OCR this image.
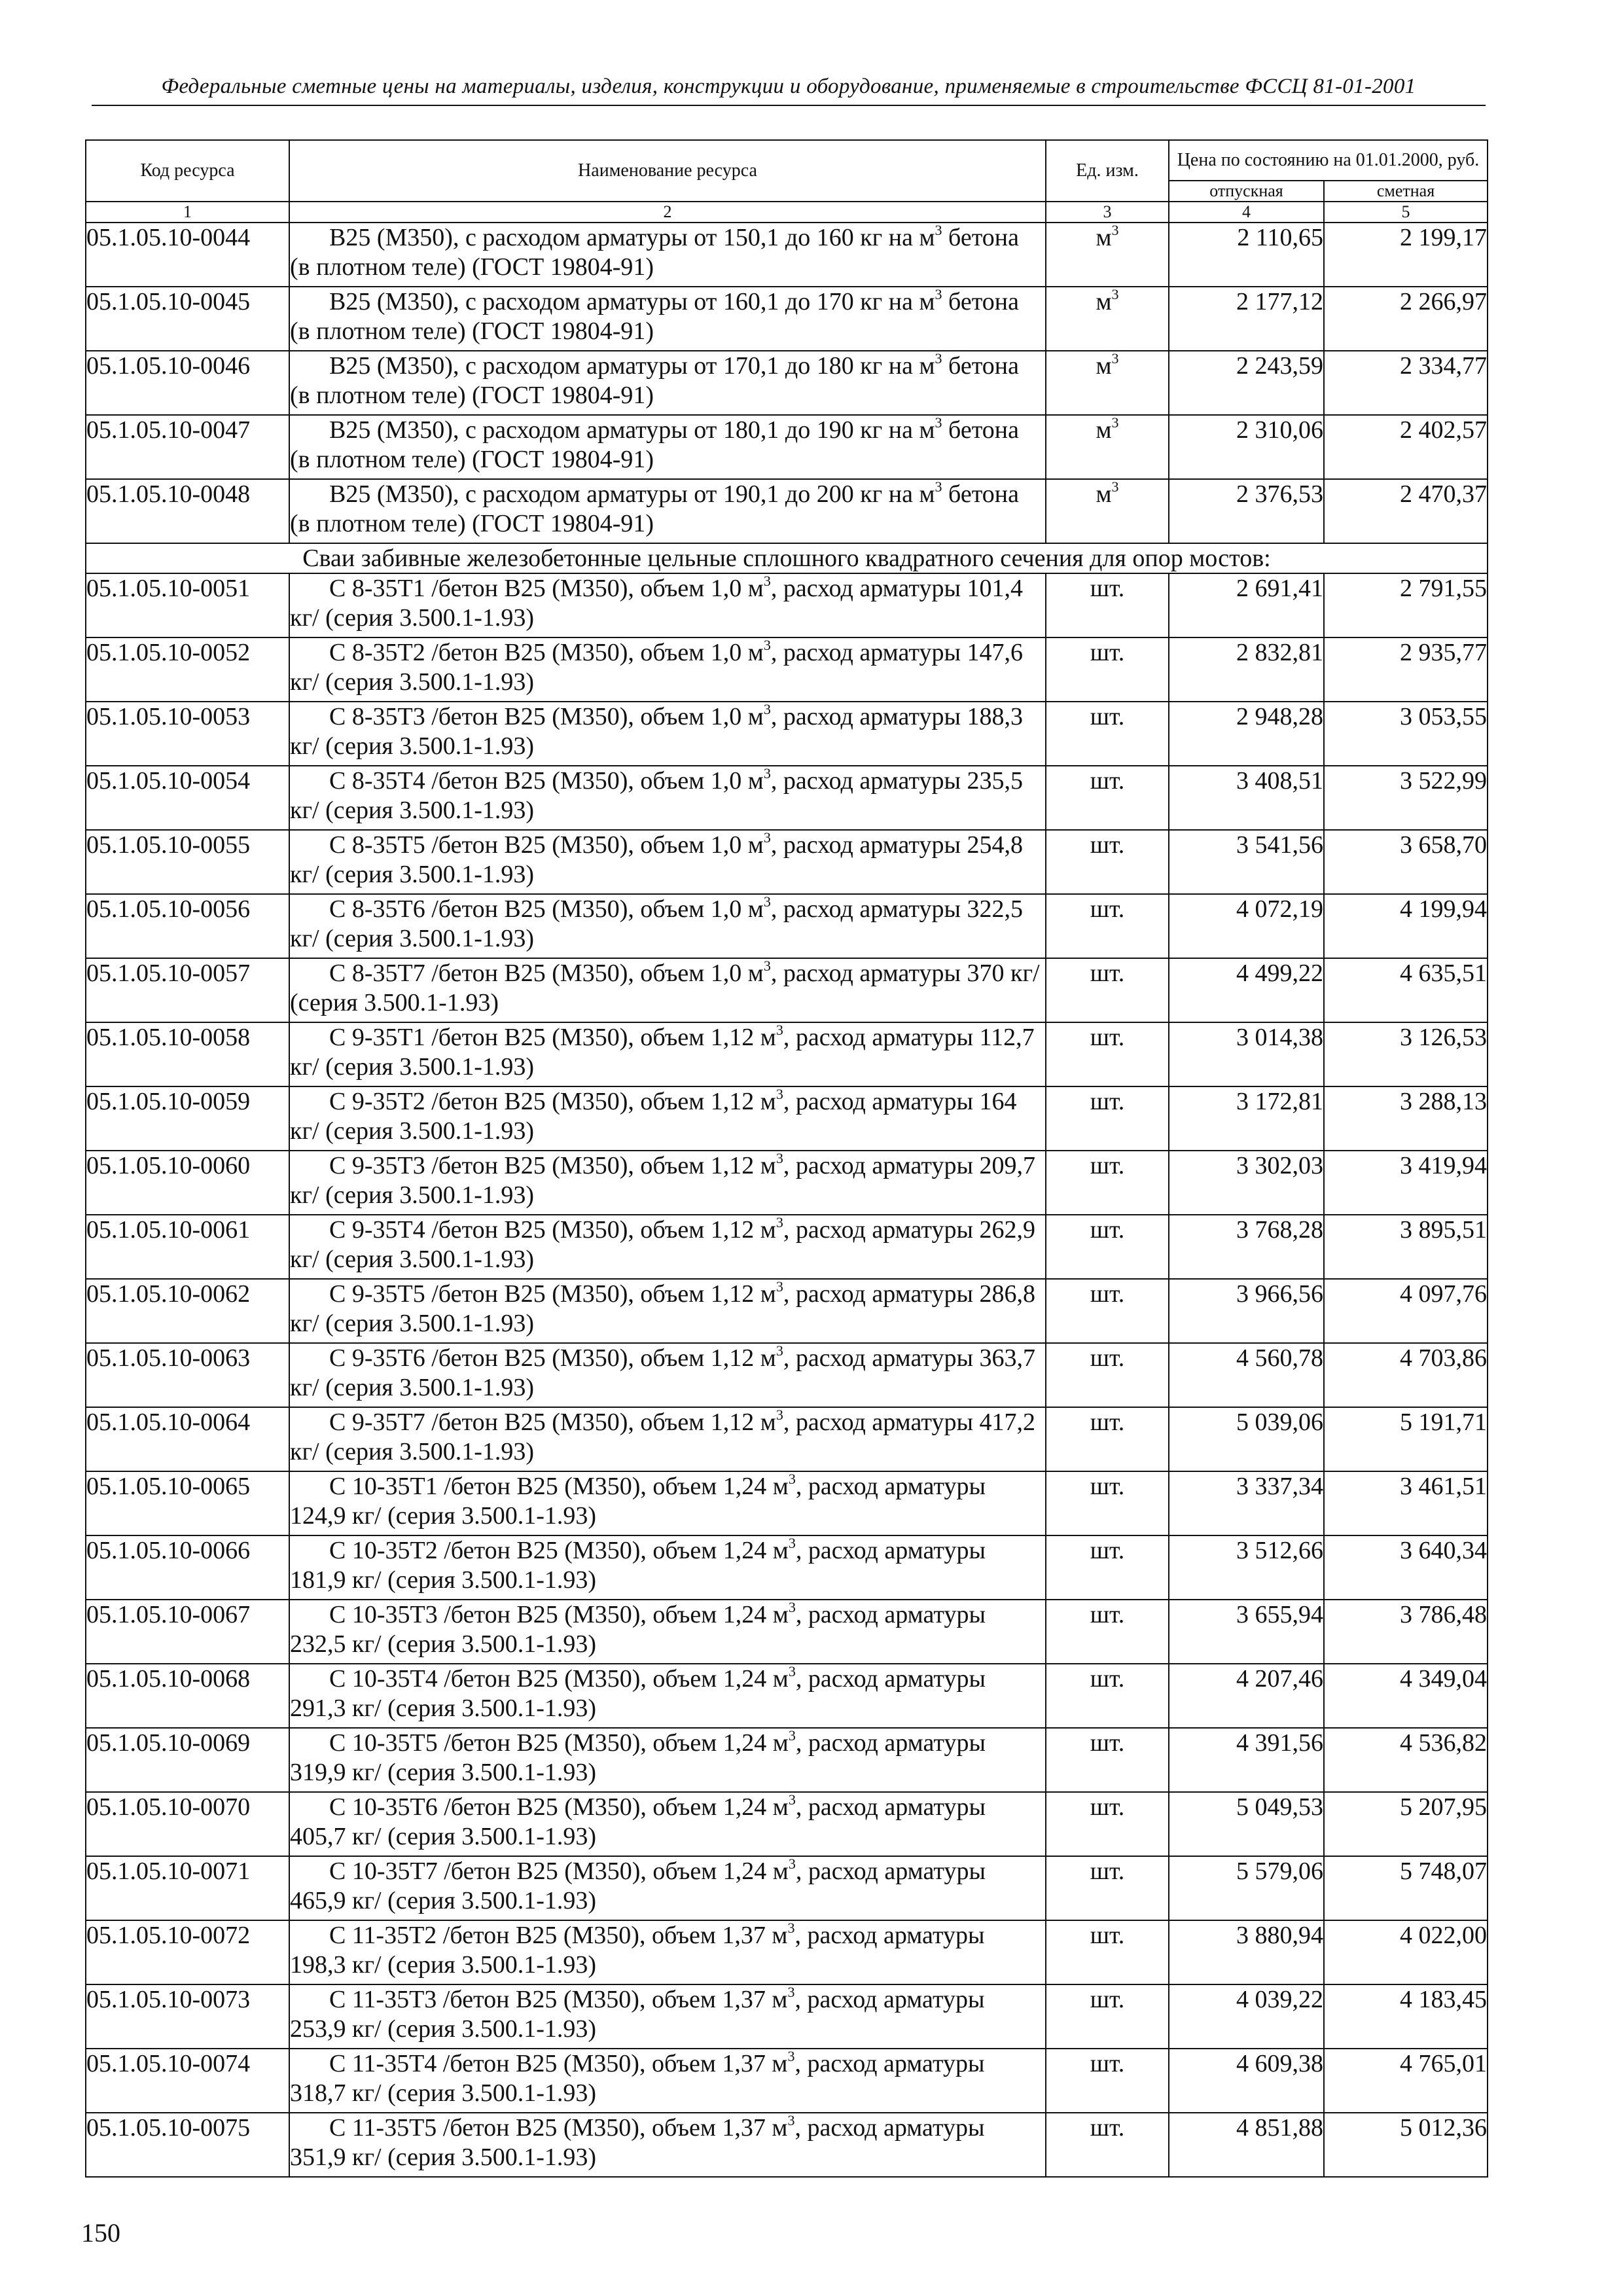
Федеральные сметные цены на материалы, изделия, конструкции и оборудование, применяемые в строительстве ФССЦ 81-01-2001
Код ресурса	Наименование ресурса	Ед. изм.	Цена по состоянию на 01.01.2000, руб.	
			отпускная	сметная
1	2	3	4	5
05.1.05.10-0044	B25 (M350), с расходом арматуры от 150,1 до 160 кг на $м^3$ бетона (в плотном теле) (ГОСТ 19804-91)	$м^3$	2 110,65	2 199,17
05.1.05.10-0045	B25 (M350), с расходом арматуры от 160,1 до 170 кг на $м^3$ бетона (в плотном теле) (ГОСТ 19804-91)	$м^3$	2 177,12	2 266,97
05.1.05.10-0046	B25 (M350), с расходом арматуры от 170,1 до 180 кг на $м^3$ бетона (в плотном теле) (ГОСТ 19804-91)	$м^3$	2 243,59	2 334,77
05.1.05.10-0047	B25 (M350), с расходом арматуры от 180,1 до 190 кг на $м^3$ бетона (в плотном теле) (ГОСТ 19804-91)	$м^3$	2 310,06	2 402,57
05.1.05.10-0048	B25 (M350), с расходом арматуры от 190,1 до 200 кг на $м^3$ бетона (в плотном теле) (ГОСТ 19804-91)	$м^3$	2 376,53	2 470,37
Сваи забивные железобетонные цельные сплошного квадратного сечения для опор мостов:				
05.1.05.10-0051	С 8-35Т1 /бетон B25 (M350), объем 1,0 $м^3$, расход арматуры 101,4 кг/ (серия 3.500.1-1.93)	шт.	2 691,41	2 791,55
05.1.05.10-0052	С 8-35Т2 /бетон B25 (M350), объем 1,0 $м^3$, расход арматуры 147,6 кг/ (серия 3.500.1-1.93)	шт.	2 832,81	2 935,77
05.1.05.10-0053	С 8-35Т3 /бетон B25 (M350), объем 1,0 $м^3$, расход арматуры 188,3 кг/ (серия 3.500.1-1.93)	шт.	2 948,28	3 053,55
05.1.05.10-0054	С 8-35Т4 /бетон B25 (M350), объем 1,0 $м^3$, расход арматуры 235,5 кг/ (серия 3.500.1-1.93)	шт.	3 408,51	3 522,99
05.1.05.10-0055	С 8-35Т5 /бетон B25 (M350), объем 1,0 $м^3$, расход арматуры 254,8 кг/ (серия 3.500.1-1.93)	шт.	3 541,56	3 658,70
05.1.05.10-0056	С 8-35Т6 /бетон B25 (M350), объем 1,0 $м^3$, расход арматуры 322,5 кг/ (серия 3.500.1-1.93)	шт.	4 072,19	4 199,94
05.1.05.10-0057	С 8-35Т7 /бетон B25 (M350), объем 1,0 $м^3$, расход арматуры 370 кг/ (серия 3.500.1-1.93)	шт.	4 499,22	4 635,51
05.1.05.10-0058	С 9-35Т1 /бетон B25 (M350), объем 1,12 $м^3$, расход арматуры 112,7 кг/ (серия 3.500.1-1.93)	шт.	3 014,38	3 126,53
05.1.05.10-0059	С 9-35Т2 /бетон B25 (M350), объем 1,12 $м^3$, расход арматуры 164 кг/ (серия 3.500.1-1.93)	шт.	3 172,81	3 288,13
05.1.05.10-0060	С 9-35Т3 /бетон B25 (M350), объем 1,12 $м^3$, расход арматуры 209,7 кг/ (серия 3.500.1-1.93)	шт.	3 302,03	3 419,94
05.1.05.10-0061	С 9-35Т4 /бетон B25 (M350), объем 1,12 $м^3$, расход арматуры 262,9 кг/ (серия 3.500.1-1.93)	шт.	3 768,28	3 895,51
05.1.05.10-0062	С 9-35Т5 /бетон B25 (M350), объем 1,12 $м^3$, расход арматуры 286,8 кг/ (серия 3.500.1-1.93)	шт.	3 966,56	4 097,76
05.1.05.10-0063	С 9-35Т6 /бетон B25 (M350), объем 1,12 $м^3$, расход арматуры 363,7 кг/ (серия 3.500.1-1.93)	шт.	4 560,78	4 703,86
05.1.05.10-0064	С 9-35Т7 /бетон B25 (M350), объем 1,12 $м^3$, расход арматуры 417,2 кг/ (серия 3.500.1-1.93)	шт.	5 039,06	5 191,71
05.1.05.10-0065	С 10-35Т1 /бетон B25 (M350), объем 1,24 $м^3$, расход арматуры 124,9 кг/ (серия 3.500.1-1.93)	шт.	3 337,34	3 461,51
05.1.05.10-0066	С 10-35Т2 /бетон B25 (M350), объем 1,24 $м^3$, расход арматуры 181,9 кг/ (серия 3.500.1-1.93)	шт.	3 512,66	3 640,34
05.1.05.10-0067	С 10-35Т3 /бетон B25 (M350), объем 1,24 $м^3$, расход арматуры 232,5 кг/ (серия 3.500.1-1.93)	шт.	3 655,94	3 786,48
05.1.05.10-0068	С 10-35Т4 /бетон B25 (M350), объем 1,24 $м^3$, расход арматуры 291,3 кг/ (серия 3.500.1-1.93)	шт.	4 207,46	4 349,04
05.1.05.10-0069	С 10-35Т5 /бетон B25 (M350), объем 1,24 $м^3$, расход арматуры 319,9 кг/ (серия 3.500.1-1.93)	шт.	4 391,56	4 536,82
05.1.05.10-0070	С 10-35Т6 /бетон B25 (M350), объем 1,24 $м^3$, расход арматуры 405,7 кг/ (серия 3.500.1-1.93)	шт.	5 049,53	5 207,95
05.1.05.10-0071	С 10-35Т7 /бетон B25 (M350), объем 1,24 $м^3$, расход арматуры 465,9 кг/ (серия 3.500.1-1.93)	шт.	5 579,06	5 748,07
05.1.05.10-0072	С 11-35Т2 /бетон B25 (M350), объем 1,37 $м^3$, расход арматуры 198,3 кг/ (серия 3.500.1-1.93)	шт.	3 880,94	4 022,00
05.1.05.10-0073	С 11-35Т3 /бетон B25 (M350), объем 1,37 $м^3$, расход арматуры 253,9 кг/ (серия 3.500.1-1.93)	шт.	4 039,22	4 183,45
05.1.05.10-0074	С 11-35Т4 /бетон B25 (M350), объем 1,37 $м^3$, расход арматуры 318,7 кг/ (серия 3.500.1-1.93)	шт.	4 609,38	4 765,01
05.1.05.10-0075	С 11-35Т5 /бетон B25 (M350), объем 1,37 $м^3$, расход арматуры 351,9 кг/ (серия 3.500.1-1.93)	шт.	4 851,88	5 012,36
150
